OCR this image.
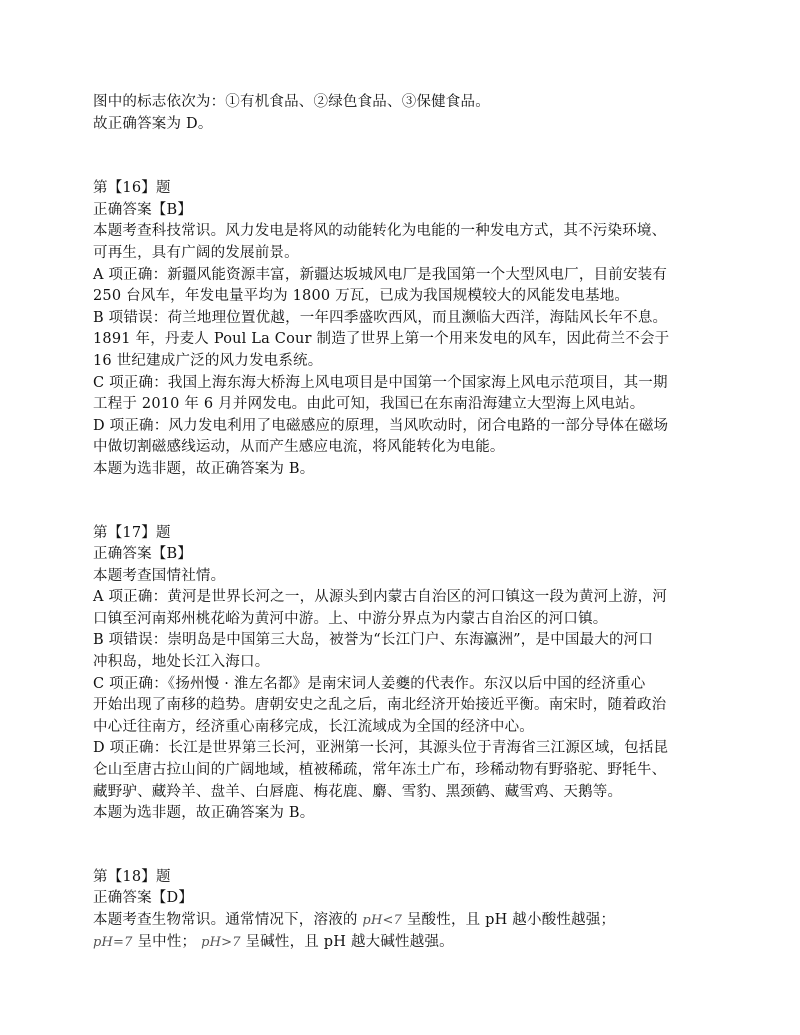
图中的标志依次为：①有机食品、②绿色食品、③保健食品。
故正确答案为 D。
第【16】题
正确答案【B】
本题考查科技常识。风力发电是将风的动能转化为电能的一种发电方式，其不污染环境、
可再生，具有广阔的发展前景。
A 项正确：新疆风能资源丰富，新疆达坂城风电厂是我国第一个大型风电厂，目前安装有
250 台风车，年发电量平均为 1800 万瓦，已成为我国规模较大的风能发电基地。
B 项错误：荷兰地理位置优越，一年四季盛吹西风，而且濒临大西洋，海陆风长年不息。
1891 年，丹麦人 Poul La Cour 制造了世界上第一个用来发电的风车，因此荷兰不会于
16 世纪建成广泛的风力发电系统。
C 项正确：我国上海东海大桥海上风电项目是中国第一个国家海上风电示范项目，其一期
工程于 2010 年 6 月并网发电。由此可知，我国已在东南沿海建立大型海上风电站。
D 项正确：风力发电利用了电磁感应的原理，当风吹动时，闭合电路的一部分导体在磁场
中做切割磁感线运动，从而产生感应电流，将风能转化为电能。
本题为选非题，故正确答案为 B。
第【17】题
正确答案【B】
本题考查国情社情。
A 项正确：黄河是世界长河之一，从源头到内蒙古自治区的河口镇这一段为黄河上游，河
口镇至河南郑州桃花峪为黄河中游。上、中游分界点为内蒙古自治区的河口镇。
B 项错误：崇明岛是中国第三大岛，被誉为“长江门户、东海瀛洲”，是中国最大的河口
冲积岛，地处长江入海口。
C 项正确：《扬州慢 · 淮左名都》是南宋词人姜夔的代表作。东汉以后中国的经济重心
开始出现了南移的趋势。唐朝安史之乱之后，南北经济开始接近平衡。南宋时，随着政治
中心迁往南方，经济重心南移完成，长江流域成为全国的经济中心。
D 项正确：长江是世界第三长河，亚洲第一长河，其源头位于青海省三江源区域，包括昆
仑山至唐古拉山间的广阔地域，植被稀疏，常年冻土广布，珍稀动物有野骆驼、野牦牛、
藏野驴、藏羚羊、盘羊、白唇鹿、梅花鹿、麝、雪豹、黑颈鹤、藏雪鸡、天鹅等。
本题为选非题，故正确答案为 B。
第【18】题
正确答案【D】
本题考查生物常识。通常情况下，溶液的 pH<7 呈酸性，且 pH 越小酸性越强；
pH=7 呈中性； pH>7 呈碱性，且 pH 越大碱性越强。
